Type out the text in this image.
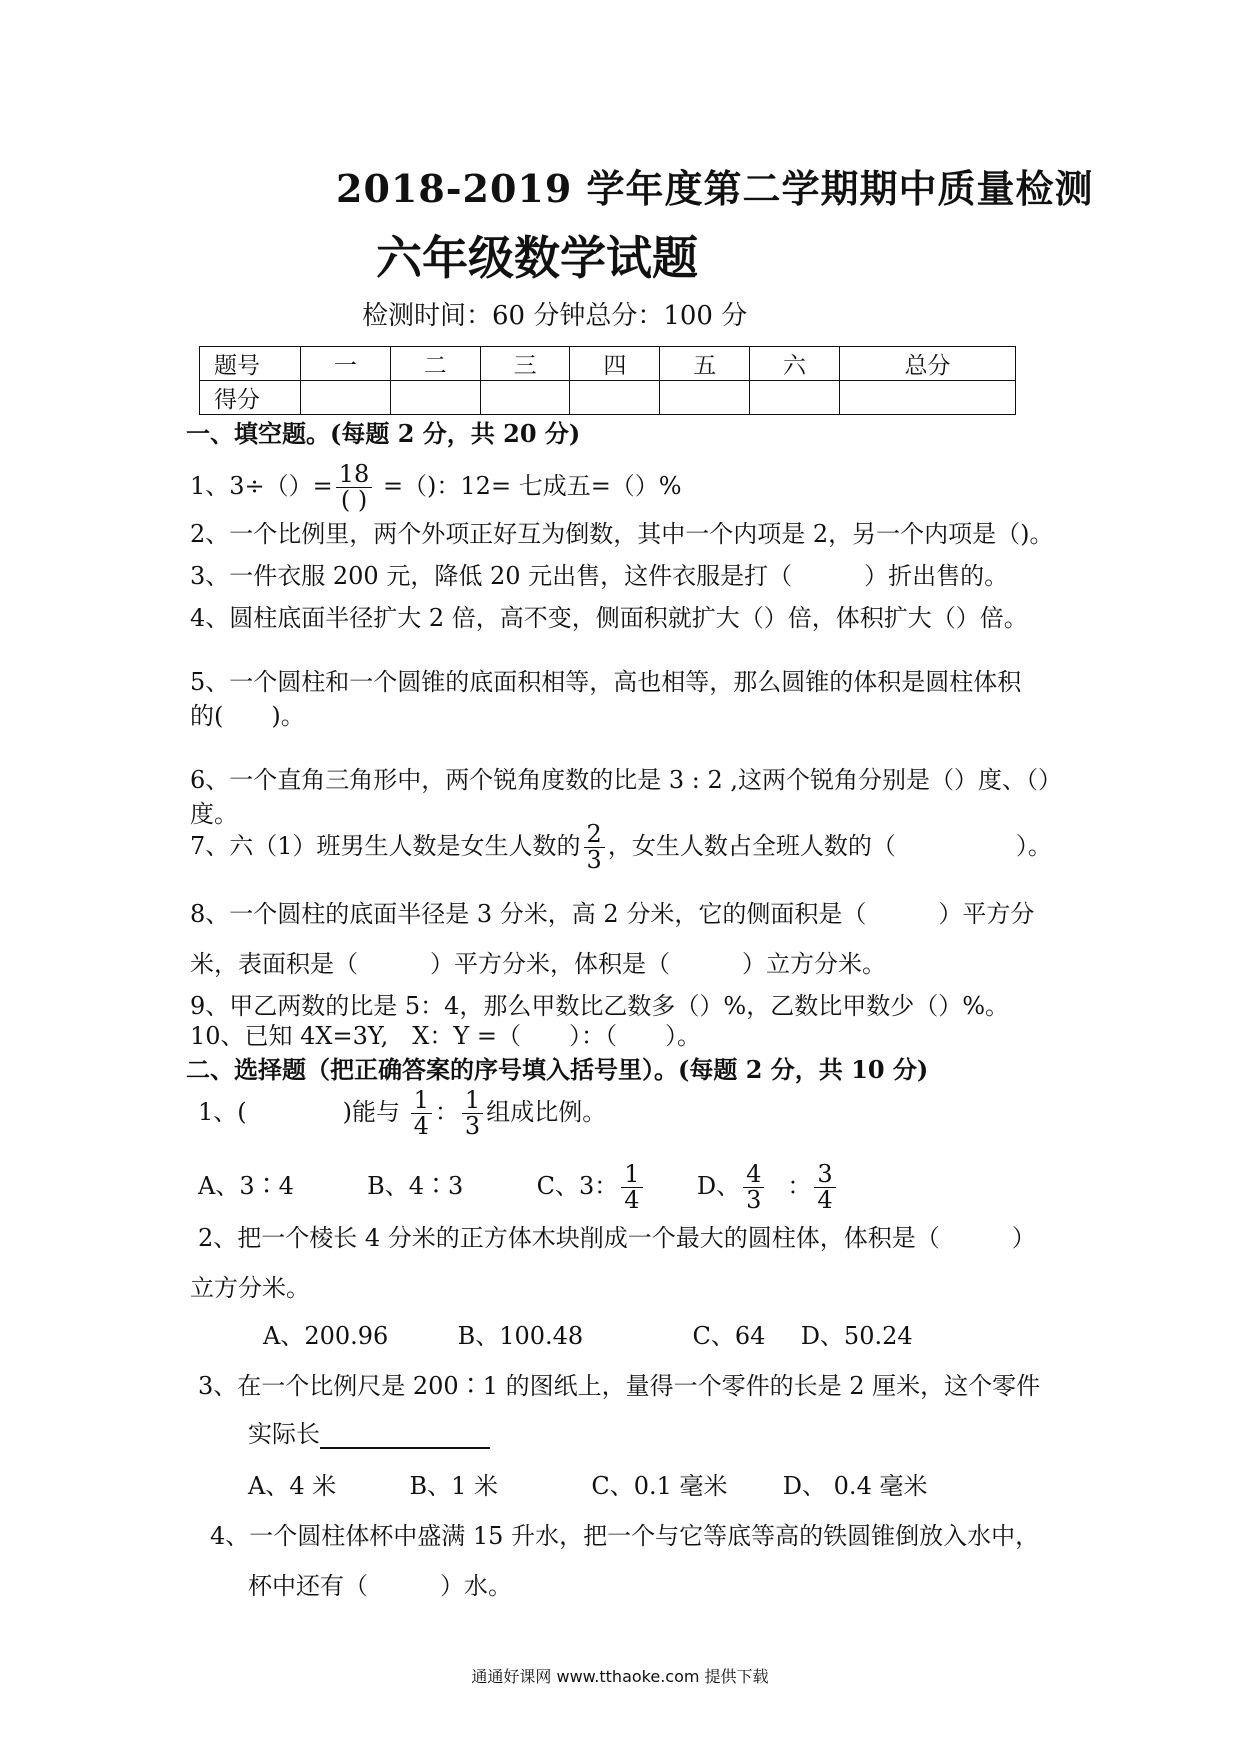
2018-2019 学年度第二学期期中质量检测
六年级数学试题
检测时间：60 分钟总分：100 分
题号	一	二	三	四	五	六	总分
得分							
一、填空题。(每题 2 分，共 20 分)
1、$3\div()= \frac{18}{( )}$ =（)：12= 七成五=（）%
2、一个比例里，两个外项正好互为倒数，其中一个内项是 2，另一个内项是（)。
3、一件衣服 200 元，降低 20 元出售，这件衣服是打（　　　）折出售的。
4、圆柱底面半径扩大 2 倍，高不变，侧面积就扩大（）倍，体积扩大（）倍。
5、一个圆柱和一个圆锥的底面积相等，高也相等，那么圆锥的体积是圆柱体积
的(　　)。
6、一个直角三角形中，两个锐角度数的比是 3 : 2 ,这两个锐角分别是（）度、（）
度。
7、六（1）班男生人数是女生人数的 $\frac{2}{3}$ ，女生人数占全班人数的（　　　　　）。
8、一个圆柱的底面半径是 3 分米，高 2 分米，它的侧面积是（　　　）平方分
米，表面积是（　　　）平方分米，体积是（　　　）立方分米。
9、甲乙两数的比是 5：4，那么甲数比乙数多（）%，乙数比甲数少（）%。
10、已知 4X=3Y,　X：Y =（　　）：（　　）。
二、选择题（把正确答案的序号填入括号里）。(每题 2 分，共 10 分)
1、(　　　　)能与 $\frac{1}{4}$ ： $\frac{1}{3}$ 组成比例。
A、3∶4	B、4∶3	C、3： $\frac{1}{4}$ D、 $\frac{4}{3}$ ： $\frac{3}{4}$
2、把一个棱长 4 分米的正方体木块削成一个最大的圆柱体，体积是（　　　）
立方分米。
A、200.96	B、100.48	C、64 D、50.24
3、在一个比例尺是 200∶1 的图纸上，量得一个零件的长是 2 厘米，这个零件
实际长
A、4 米	B、1 米	C、0.1 毫米 D、 0.4 毫米
4、一个圆柱体杯中盛满 15 升水，把一个与它等底等高的铁圆锥倒放入水中，
杯中还有（　　　）水。
通通好课网 www.tthaoke.com 提供下载
